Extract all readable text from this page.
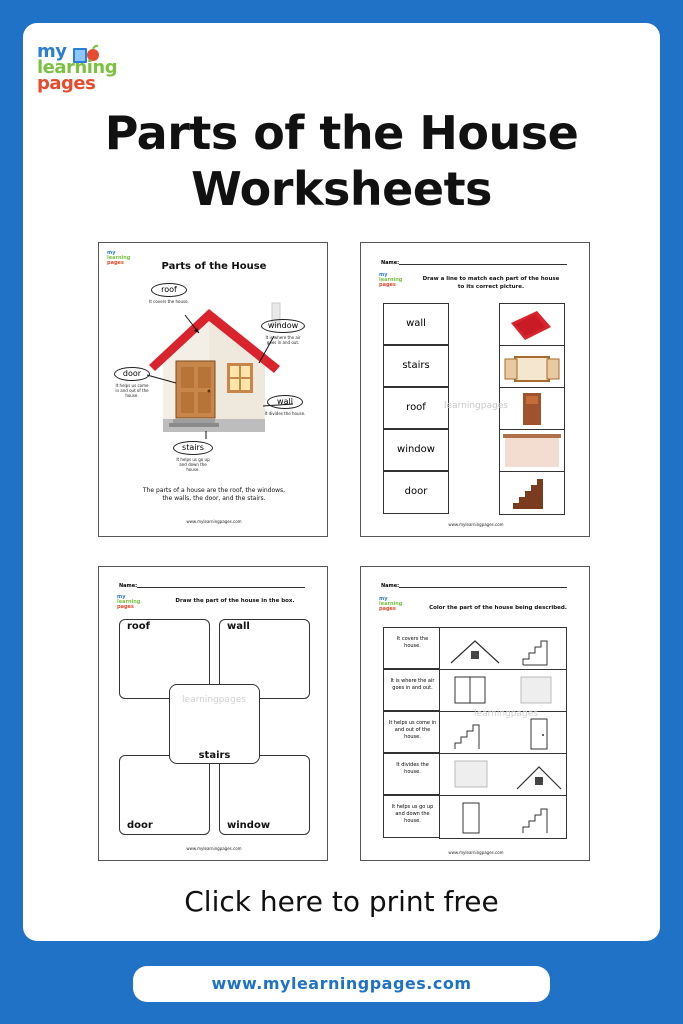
my
learning
pages
Parts of the House
Worksheets
my
learning
pages	Parts of the House
roof
It covers the house.
window
It is where the air goes in and out.
door
It helps us come in and out of the house.
wall
It divides the house.
stairs
It helps us go up and down the house.
The parts of a house are the roof, the windows,
the walls, the door, and the stairs.
www.mylearningpages.com
Name:
my
learning
pages
Draw a line to match each part of the house
to its correct picture.
wall
stairs
roof
window
door
learningpages
www.mylearningpages.com
Name:
my
learning
pages
Draw the part of the house in the box.
roof	wall
door	window
stairs
learningpages
www.mylearningpages.com
Name:
my
learning
pages	Color the part of the house being described.
It covers the house.
It is where the air goes in and out.
It helps us come in and out of the house.
It divides the house.
It helps us go up and down the house.
learningpages
www.mylearningpages.com
Click here to print free
www.mylearningpages.com
